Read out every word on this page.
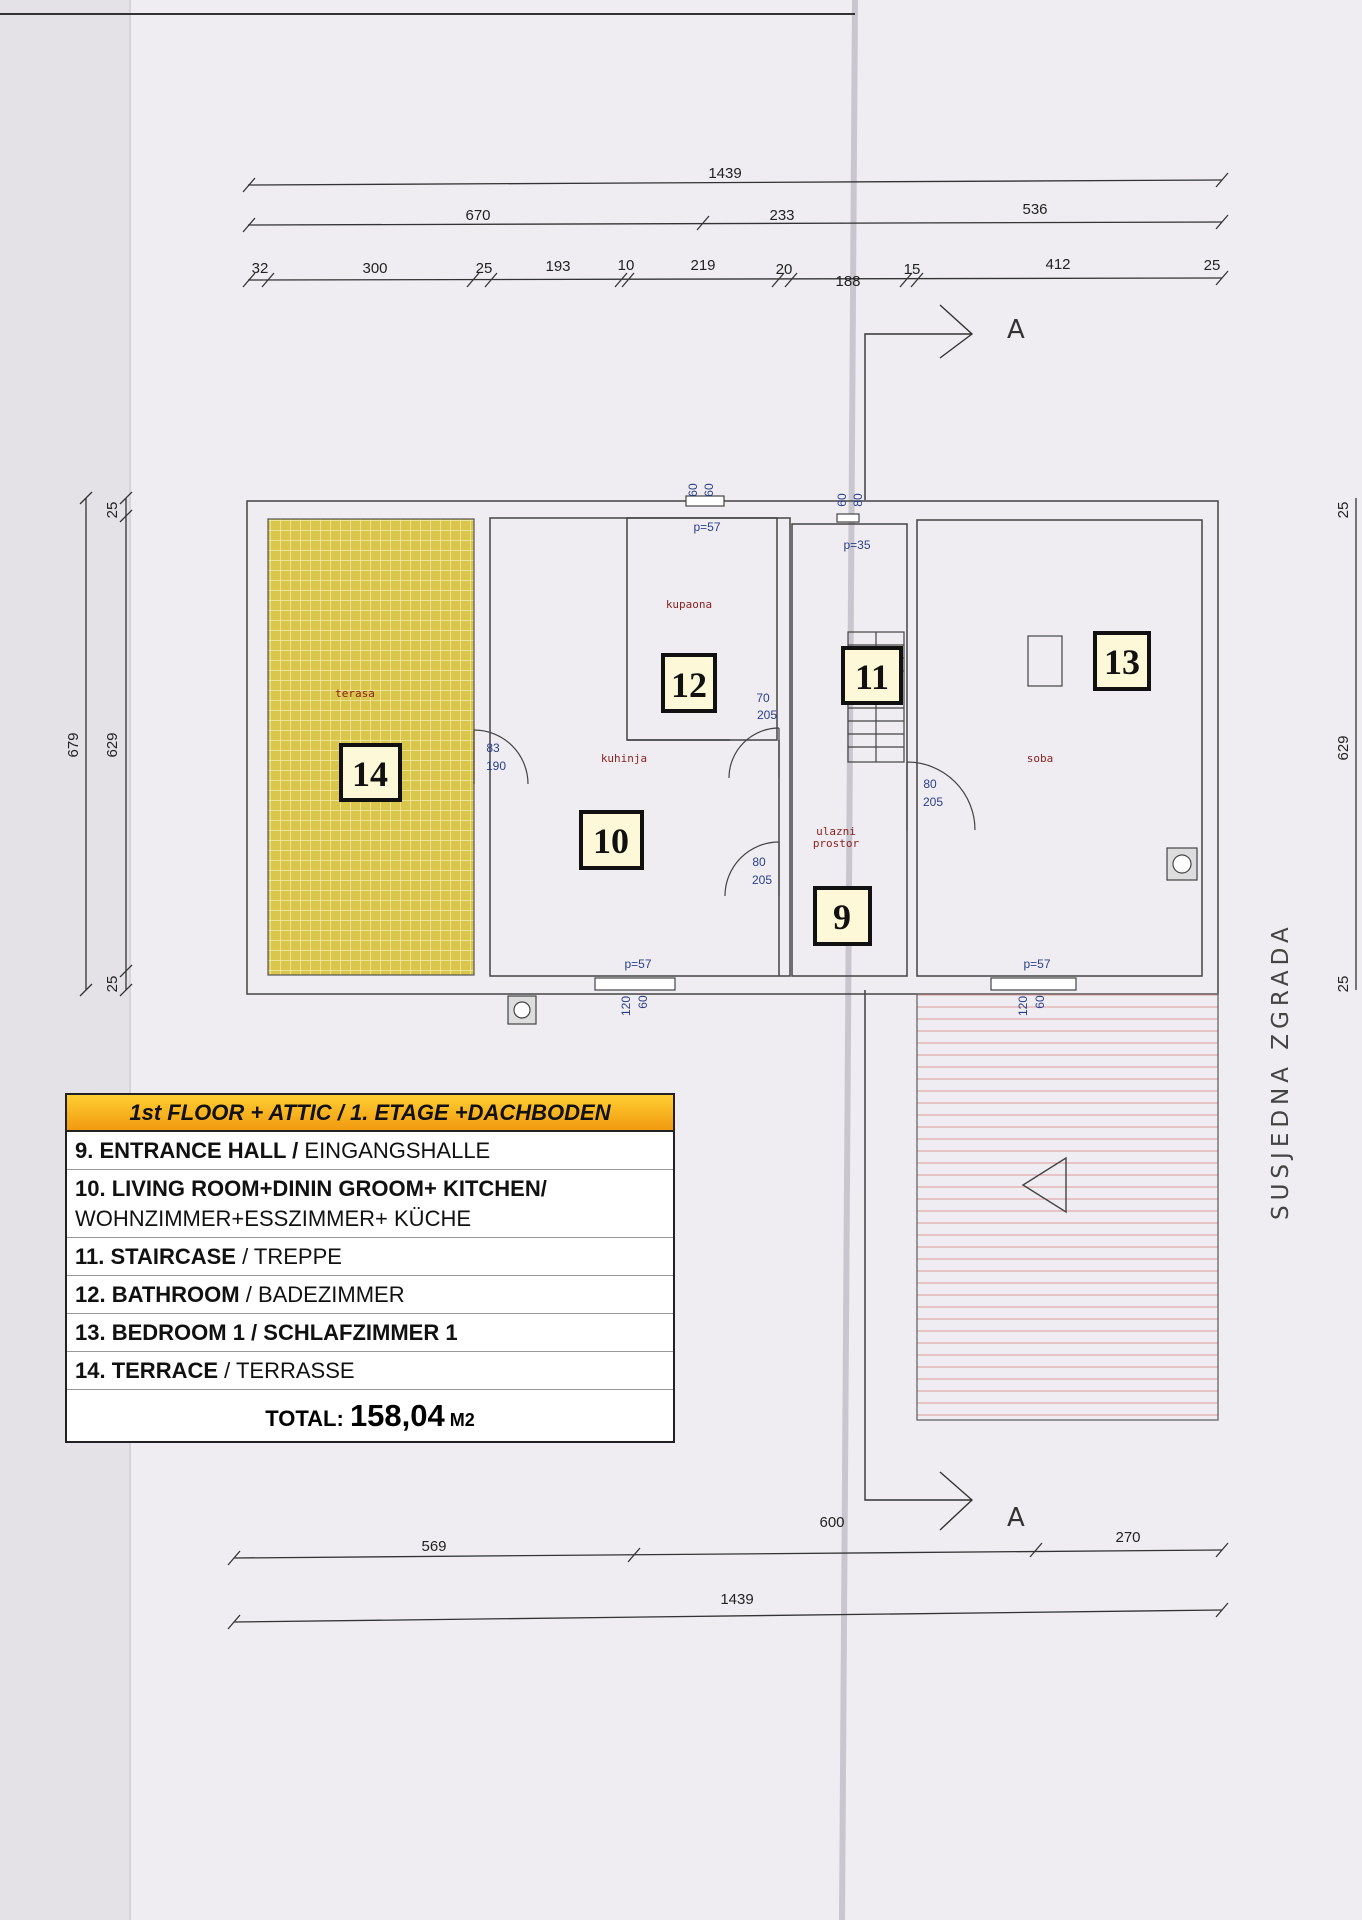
1439
670	233	536
32	300	25	193	10	219	20
188
15	412	25
569
600
270
1439
679 629
25
25
25
629
25
A
A
terasa
kupaona
kuhinja	soba
ulazni
prostor
60 60
p=57
60 80
p=35
70
205
83
190
80
205
80
205
p=57
120 60
p=57
120 60
14
12	11	13
10
9
SUSJEDNA ZGRADA
1st FLOOR + ATTIC / 1. ETAGE +DACHBODEN
9. ENTRANCE HALL / EINGANGSHALLE
10. LIVING ROOM+DININ GROOM+ KITCHEN/
WOHNZIMMER+ESSZIMMER+ KÜCHE
11. STAIRCASE / TREPPE
12. BATHROOM / BADEZIMMER
13. BEDROOM 1 / SCHLAFZIMMER 1
14. TERRACE / TERRASSE
TOTAL: 158,04 M2
